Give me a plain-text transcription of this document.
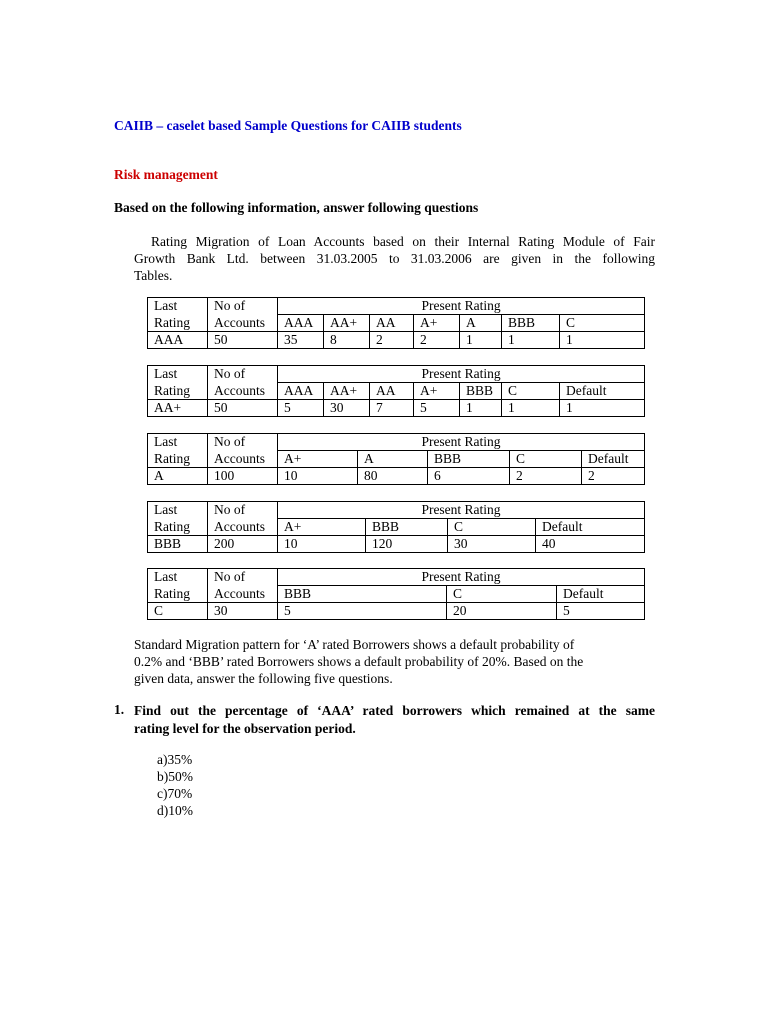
CAIIB – caselet based Sample Questions for CAIIB students
Risk management
Based on the following information, answer following questions
Rating Migration of Loan Accounts based on their Internal Rating Module of Fair
Growth Bank Ltd. between 31.03.2005 to 31.03.2006 are given in the following
Tables.
Last	No of	Present Rating						
Rating	Accounts	AAA	AA+	AA	A+	A	BBB	C
AAA	50	35	8	2	2	1	1	1
Last	No of	Present Rating						
Rating	Accounts	AAA	AA+	AA	A+	BBB	C	Default
AA+	50	5	30	7	5	1	1	1
Last	No of	Present Rating				
Rating	Accounts	A+	A	BBB	C	Default
A	100	10	80	6	2	2
Last	No of	Present Rating			
Rating	Accounts	A+	BBB	C	Default
BBB	200	10	120	30	40
Last	No of	Present Rating		
Rating	Accounts	BBB	C	Default
C	30	5	20	5
Standard Migration pattern for ‘A’ rated Borrowers shows a default probability of
0.2% and ‘BBB’ rated Borrowers shows a default probability of 20%. Based on the
given data, answer the following five questions.
1. Find out the percentage of ‘AAA’ rated borrowers which remained at the same
rating level for the observation period.
a)35%
b)50%
c)70%
d)10%
